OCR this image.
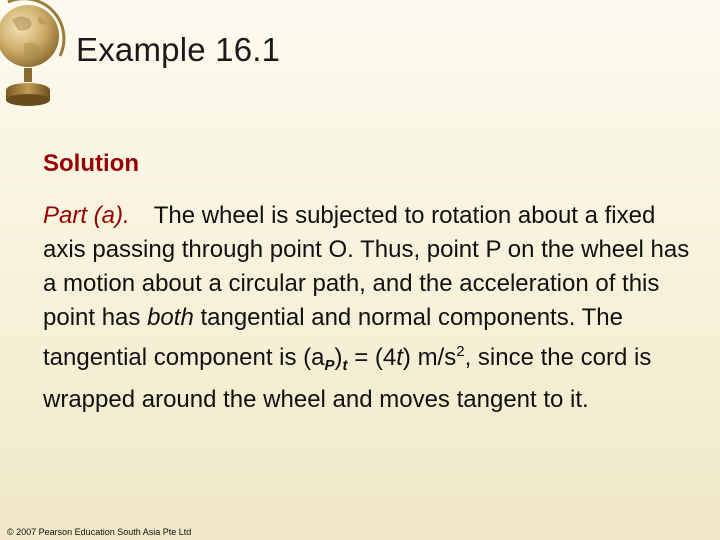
Example 16.1
Solution
Part (a). The wheel is subjected to rotation about a fixed axis passing through point O. Thus, point P on the wheel has a motion about a circular path, and the acceleration of this point has both tangential and normal components. The tangential component is $(a_P)_t = (4t)$ $m/s^2$, since the cord is wrapped around the wheel and moves tangent to it.
© 2007 Pearson Education South Asia Pte Ltd
